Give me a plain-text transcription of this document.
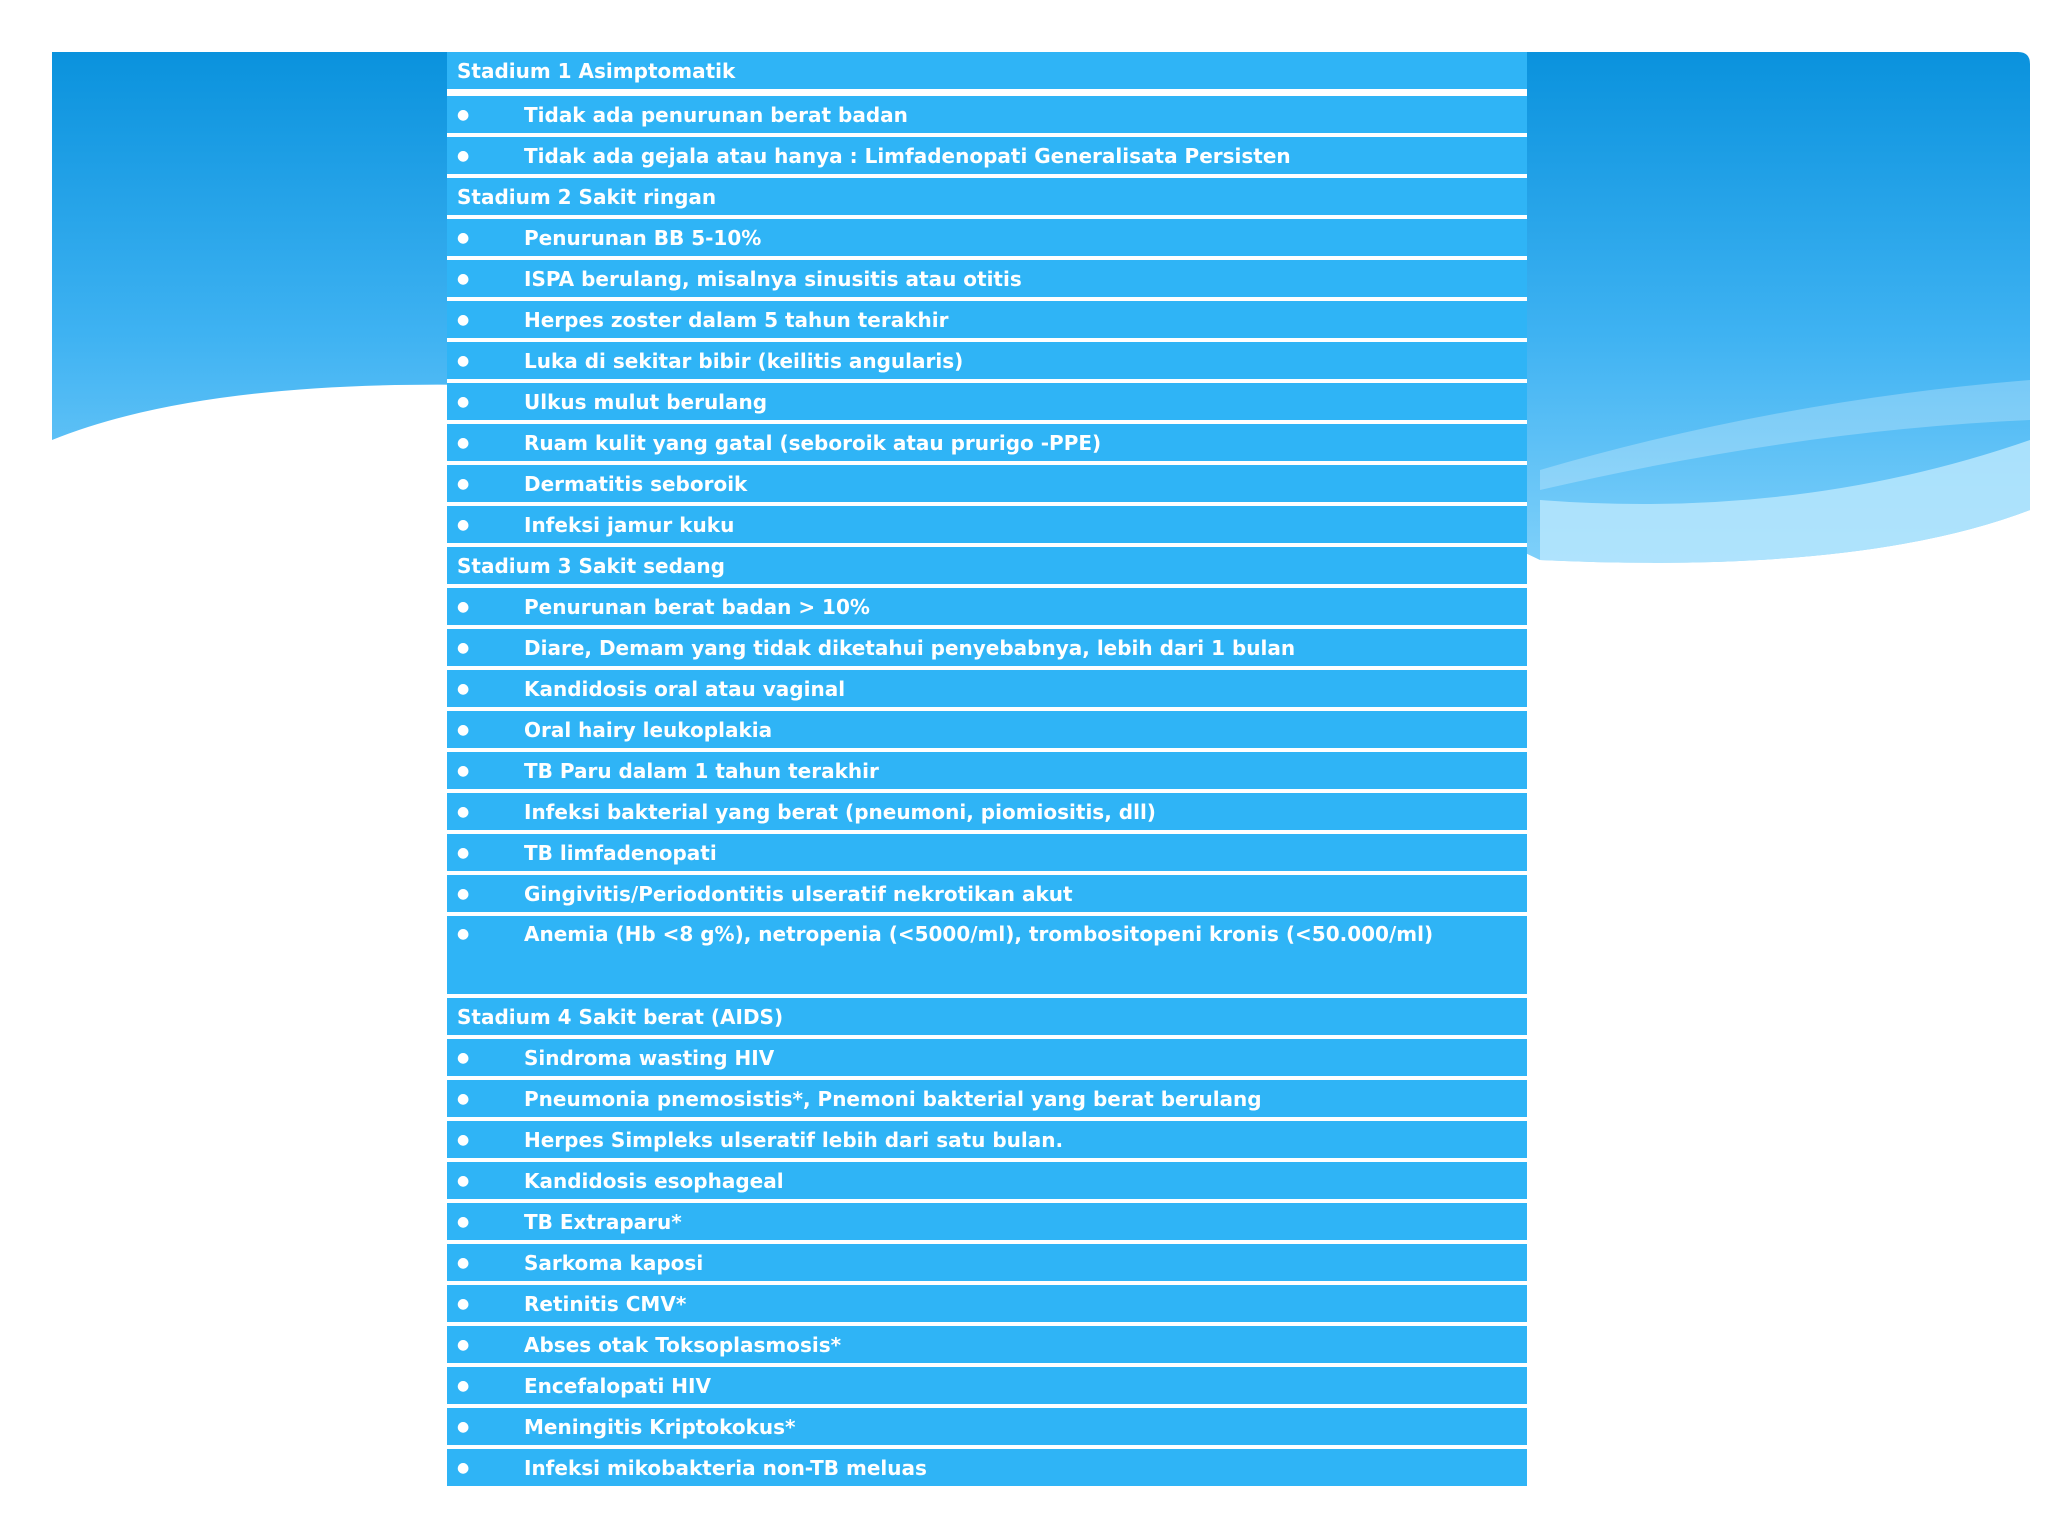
Stadium 1 Asimptomatik
●	Tidak ada penurunan berat badan
●	Tidak ada gejala atau hanya : Limfadenopati Generalisata Persisten
Stadium 2 Sakit ringan
●	Penurunan BB 5-10%
●	ISPA berulang, misalnya sinusitis atau otitis
●	Herpes zoster dalam 5 tahun terakhir
●	Luka di sekitar bibir (keilitis angularis)
●	Ulkus mulut berulang
●	Ruam kulit yang gatal (seboroik atau prurigo -PPE)
●	Dermatitis seboroik
●	Infeksi jamur kuku
Stadium 3 Sakit sedang
●	Penurunan berat badan > 10%
●	Diare, Demam yang tidak diketahui penyebabnya, lebih dari 1 bulan
●	Kandidosis oral atau vaginal
●	Oral hairy leukoplakia
●	TB Paru dalam 1 tahun terakhir
●	Infeksi bakterial yang berat (pneumoni, piomiositis, dll)
●	TB limfadenopati
●	Gingivitis/Periodontitis ulseratif nekrotikan akut
●	Anemia (Hb <8 g%), netropenia (<5000/ml), trombositopeni kronis (<50.000/ml)
Stadium 4 Sakit berat (AIDS)
●	Sindroma wasting HIV
●	Pneumonia pnemosistis*, Pnemoni bakterial yang berat berulang
●	Herpes Simpleks ulseratif lebih dari satu bulan.
●	Kandidosis esophageal
●	TB Extraparu*
●	Sarkoma kaposi
●	Retinitis CMV*
●	Abses otak Toksoplasmosis*
●	Encefalopati HIV
●	Meningitis Kriptokokus*
●	Infeksi mikobakteria non-TB meluas
